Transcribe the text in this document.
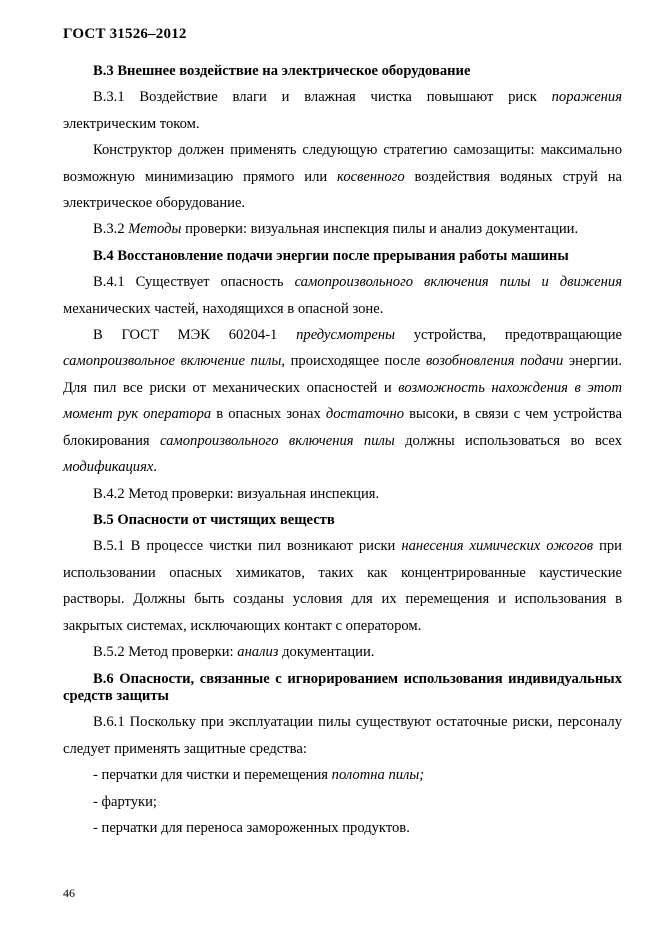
ГОСТ 31526–2012

B.3 Внешнее воздействие на электрическое оборудование

B.3.1 Воздействие влаги и влажная чистка повышают риск поражения электрическим током.

Конструктор должен применять следующую стратегию самозащиты: максимально возможную минимизацию прямого или косвенного воздействия водяных струй на электрическое оборудование.

B.3.2 Методы проверки: визуальная инспекция пилы и анализ документации.

B.4 Восстановление подачи энергии после прерывания работы машины

B.4.1 Существует опасность самопроизвольного включения пилы и движения механических частей, находящихся в опасной зоне.

В ГОСТ МЭК 60204-1 предусмотрены устройства, предотвращающие самопроизвольное включение пилы, происходящее после возобновления подачи энергии. Для пил все риски от механических опасностей и возможность нахождения в этот момент рук оператора в опасных зонах достаточно высоки, в связи с чем устройства блокирования самопроизвольного включения пилы должны использоваться во всех модификациях.

B.4.2 Метод проверки: визуальная инспекция.

B.5 Опасности от чистящих веществ

B.5.1 В процессе чистки пил возникают риски нанесения химических ожогов при использовании опасных химикатов, таких как концентрированные каустические растворы. Должны быть созданы условия для их перемещения и использования в закрытых системах, исключающих контакт с оператором.

B.5.2 Метод проверки: анализ документации.

B.6 Опасности, связанные с игнорированием использования индивидуальных средств защиты

B.6.1 Поскольку при эксплуатации пилы существуют остаточные риски, персоналу следует применять защитные средства:

- перчатки для чистки и перемещения полотна пилы;

- фартуки;

- перчатки для переноса замороженных продуктов.

46
